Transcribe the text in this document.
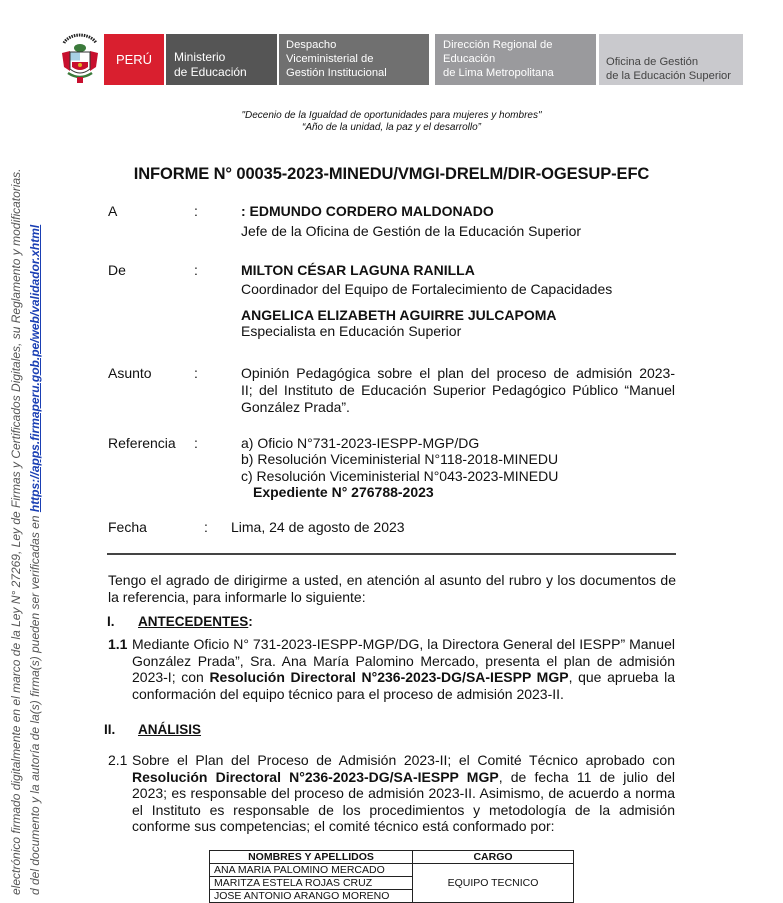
electrónico firmado digitalmente en el marco de la Ley N° 27269, Ley de Firmas y Certificados Digitales, su Reglamento y modificatorias. d del documento y la autoría de la(s) firma(s) pueden ser verificadas en https://apps.firmaperu.gob.pe/web/validador.xhtml
PERÚ Ministerio
de Educación
Despacho
Viceministerial de
Gestión Institucional
Dirección Regional de
Educación
de Lima Metropolitana
Oficina de Gestión
de la Educación Superior
"Decenio de la Igualdad de oportunidades para mujeres y hombres"
“Año de la unidad, la paz y el desarrollo”
INFORME N° 00035-2023-MINEDU/VMGI-DRELM/DIR-OGESUP-EFC
A	:	: EDMUNDO CORDERO MALDONADO
Jefe de la Oficina de Gestión de la Educación Superior
De	:	MILTON CÉSAR LAGUNA RANILLA
Coordinador del Equipo de Fortalecimiento de Capacidades
ANGELICA ELIZABETH AGUIRRE JULCAPOMA
Especialista en Educación Superior
Asunto	:	Opinión Pedagógica sobre el plan del proceso de admisión 2023-
II; del Instituto de Educación Superior Pedagógico Público “Manuel
González Prada”.
Referencia :	a) Oficio N°731-2023-IESPP-MGP/DG
b) Resolución Viceministerial N°118-2018-MINEDU
c) Resolución Viceministerial N°043-2023-MINEDU
Expediente N° 276788-2023
Fecha	: Lima, 24 de agosto de 2023
Tengo el agrado de dirigirme a usted, en atención al asunto del rubro y los documentos de la referencia, para informarle lo siguiente:
I. ANTECEDENTES:
1.1 Mediante Oficio N° 731-2023-IESPP-MGP/DG, la Directora General del IESPP” Manuel González Prada”, Sra. Ana María Palomino Mercado, presenta el plan de admisión 2023-I; con Resolución Directoral N°236-2023-DG/SA-IESPP MGP, que aprueba la conformación del equipo técnico para el proceso de admisión 2023-II.
II. ANÁLISIS
2.1 Sobre el Plan del Proceso de Admisión 2023-II; el Comité Técnico aprobado con Resolución Directoral N°236-2023-DG/SA-IESPP MGP, de fecha 11 de julio del 2023; es responsable del proceso de admisión 2023-II. Asimismo, de acuerdo a norma el Instituto es responsable de los procedimientos y metodología de la admisión conforme sus competencias; el comité técnico está conformado por:
NOMBRES Y APELLIDOS	CARGO
ANA MARIA PALOMINO MERCADO	EQUIPO TECNICO
MARITZA ESTELA ROJAS CRUZ	
JOSE ANTONIO ARANGO MORENO	
